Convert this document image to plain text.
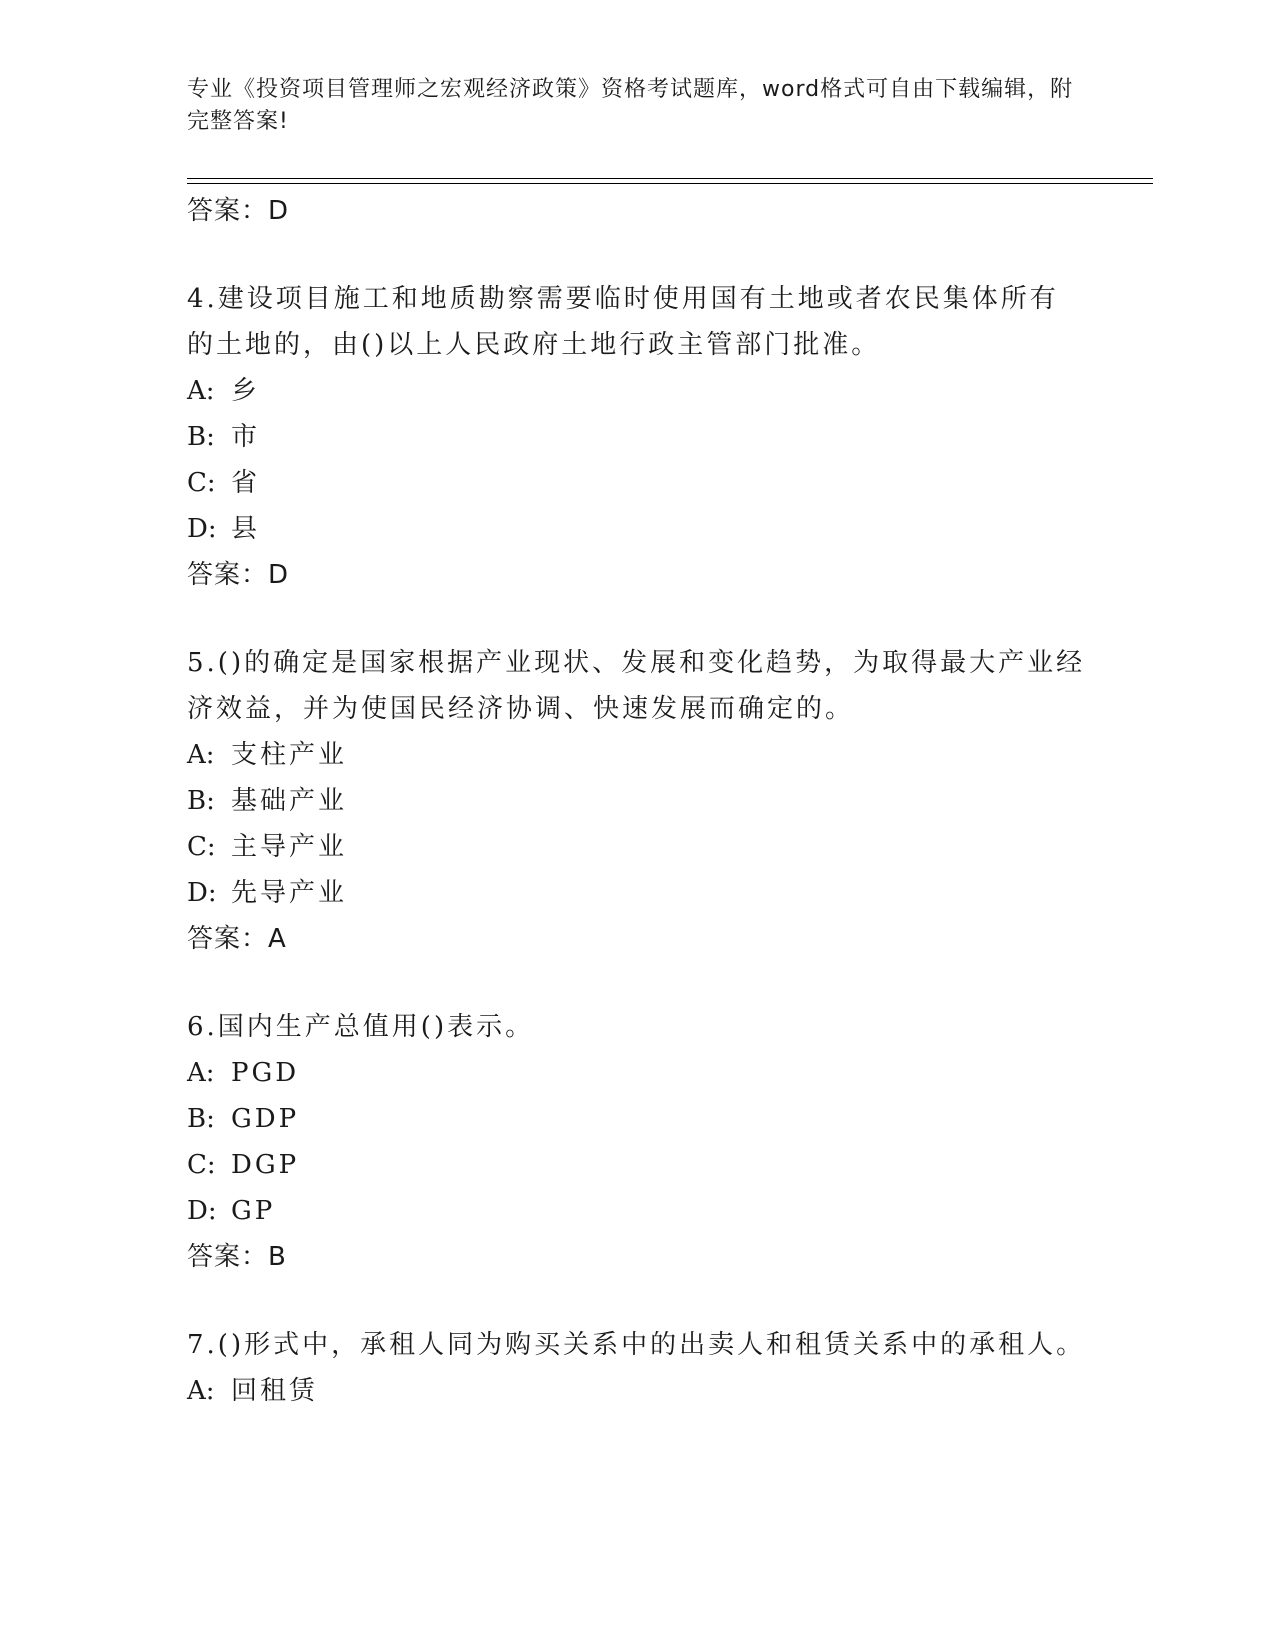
专业《投资项目管理师之宏观经济政策》资格考试题库，word格式可自由下载编辑，附完整答案!
答案：D
4.建设项目施工和地质勘察需要临时使用国有土地或者农民集体所有的土地的，由()以上人民政府土地行政主管部门批准。
A: 乡
B: 市
C: 省
D: 县
答案：D
5.()的确定是国家根据产业现状、发展和变化趋势，为取得最大产业经济效益，并为使国民经济协调、快速发展而确定的。
A: 支柱产业
B: 基础产业
C: 主导产业
D: 先导产业
答案：A
6.国内生产总值用()表示。
A: PGD
B: GDP
C: DGP
D: GP
答案：B
7.()形式中，承租人同为购买关系中的出卖人和租赁关系中的承租人。
A: 回租赁
